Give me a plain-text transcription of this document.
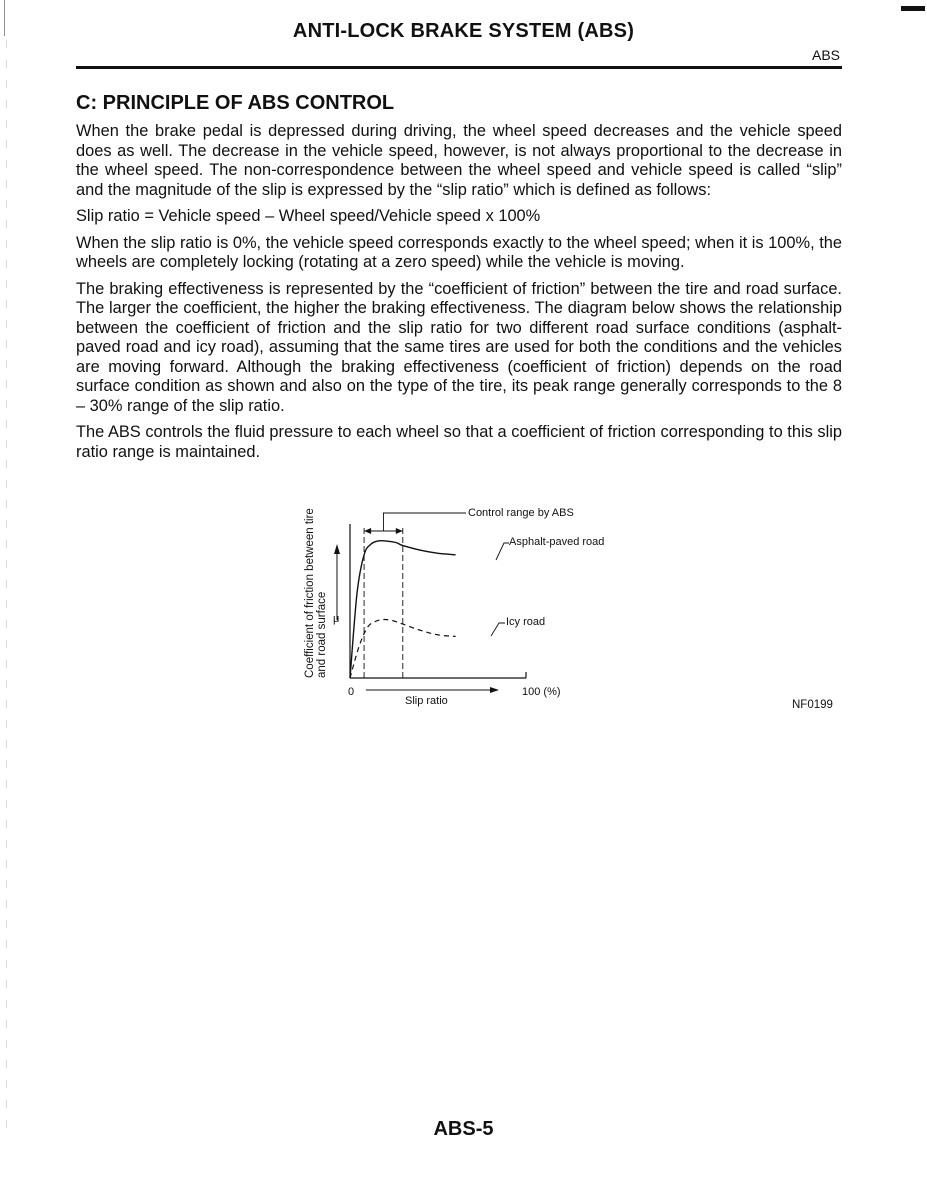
ANTI-LOCK BRAKE SYSTEM (ABS)
ABS
C: PRINCIPLE OF ABS CONTROL

When the brake pedal is depressed during driving, the wheel speed decreases and the vehicle speed does as well. The decrease in the vehicle speed, however, is not always proportional to the decrease in the wheel speed. The non-correspondence between the wheel speed and vehicle speed is called “slip” and the magnitude of the slip is expressed by the “slip ratio” which is defined as follows:

Slip ratio = Vehicle speed – Wheel speed/Vehicle speed x 100%

When the slip ratio is 0%, the vehicle speed corresponds exactly to the wheel speed; when it is 100%, the wheels are completely locking (rotating at a zero speed) while the vehicle is moving.

The braking effectiveness is represented by the “coefficient of friction” between the tire and road surface. The larger the coefficient, the higher the braking effectiveness. The diagram below shows the relationship between the coefficient of friction and the slip ratio for two different road surface conditions (asphalt-paved road and icy road), assuming that the same tires are used for both the conditions and the vehicles are moving forward. Although the braking effectiveness (coefficient of friction) depends on the road surface condition as shown and also on the type of the tire, its peak range generally corresponds to the 8 – 30% range of the slip ratio.

The ABS controls the fluid pressure to each wheel so that a coefficient of friction corresponding to this slip ratio range is maintained.

μ
Coefficient of friction between tire and road surface
Control range by ABS
Asphalt-paved road
Icy road
0
Slip ratio
100 (%)
NF0199
ABS-5
